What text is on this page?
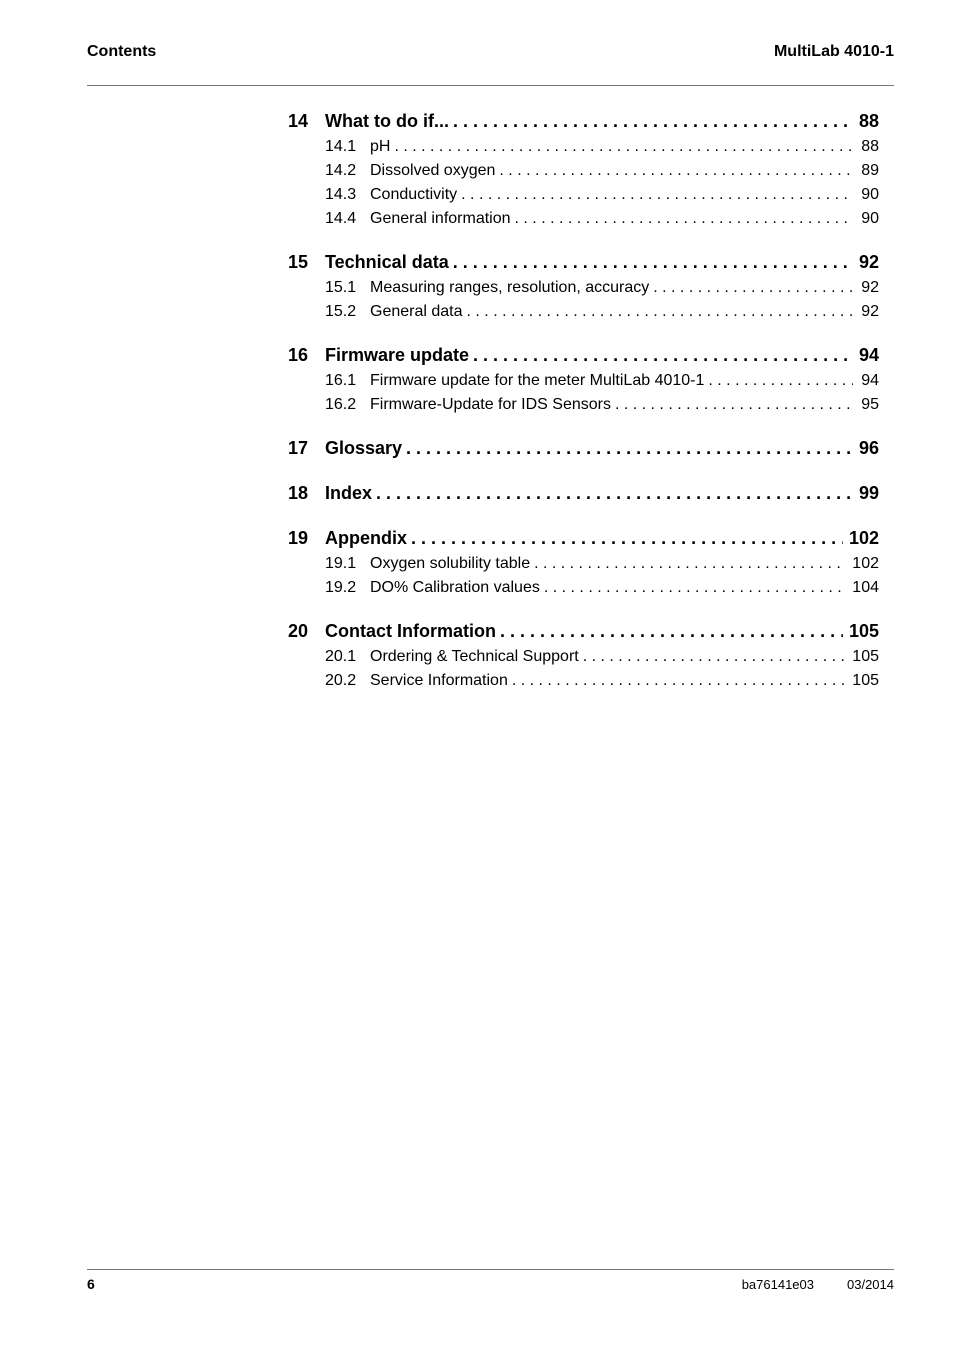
Contents	MultiLab 4010-1
14 What to do if... . . .	88
14.1 pH . . .	88
14.2 Dissolved oxygen . . .	89
14.3 Conductivity . . .	90
14.4 General information . . .	90
15 Technical data . . .	92
15.1 Measuring ranges, resolution, accuracy . . .	92
15.2 General data . . .	92
16 Firmware update . . .	94
16.1 Firmware update for the meter MultiLab 4010-1 . . .	94
16.2 Firmware-Update for IDS Sensors . . .	95
17 Glossary . . .	96
18 Index . . .	99
19 Appendix . . .	102
19.1 Oxygen solubility table . . .	102
19.2 DO% Calibration values . . .	104
20 Contact Information . . .	105
20.1 Ordering & Technical Support . . .	105
20.2 Service Information . . .	105
6	ba76141e03	03/2014
